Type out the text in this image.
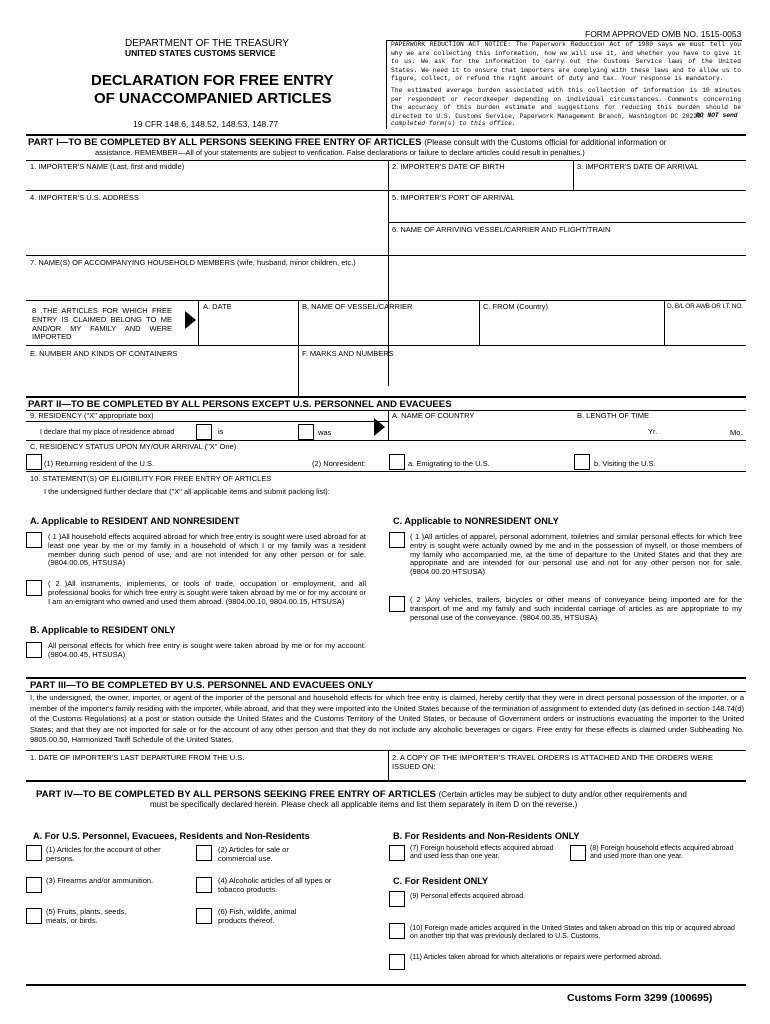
FORM APPROVED OMB NO. 1515-0053
DEPARTMENT OF THE TREASURY
UNITED STATES CUSTOMS SERVICE
DECLARATION FOR FREE ENTRY
OF UNACCOMPANIED ARTICLES
19 CFR 148.6, 148.52, 148.53, 148.77
PAPERWORK REDUCTION ACT NOTICE: The Paperwork Reduction Act of 1980 says we must tell you why we are collecting this information, how we will use it, and whether you have to give it to us. We ask for the information to carry out the Customs Service laws of the United States. We need it to ensure that importers are complying with these laws and to allow us to figure, collect, or refund the right amount of duty and tax. Your response is mandatory.
The estimated average burden associated with this collection of information is 10 minutes per respondent or recordkeeper depending on individual circumstances. Comments concerning the accuracy of this burden estimate and suggestions for reducing this burden should be directed to U.S. Customs Service, Paperwork Management Branch, Washington DC 20229.
DO NOT send
completed form(s) to this office.
PART I—TO BE COMPLETED BY ALL PERSONS SEEKING FREE ENTRY OF ARTICLES (Please consult with the Customs official for additional information or
assistance. REMEMBER—All of your statements are subject to verification. False declarations or failure to declare articles could result in penalties.)
1. IMPORTER'S NAME (Last, first and middle)	2. IMPORTER'S DATE OF BIRTH	3. IMPORTER'S DATE OF ARRIVAL
4. IMPORTER'S U.S. ADDRESS	5. IMPORTER'S PORT OF ARRIVAL
6. NAME OF ARRIVING VESSEL/CARRIER AND FLIGHT/TRAIN
7. NAME(S) OF ACCOMPANYING HOUSEHOLD MEMBERS (wife, husband, minor children, etc.)
8 .THE ARTICLES FOR WHICH FREE ENTRY IS CLAIMED BELONG TO ME AND/OR MY FAMILY AND WERE IMPORTED
A. DATE	B. NAME OF VESSEL/CARRIER	C. FROM (Country)	D. B/L OR AWB OR I.T. NO.
E. NUMBER AND KINDS OF CONTAINERS	F. MARKS AND NUMBERS
PART II—TO BE COMPLETED BY ALL PERSONS EXCEPT U.S. PERSONNEL AND EVACUEES
9. RESIDENCY ("X" appropriate box)	A. NAME OF COUNTRY	B. LENGTH OF TIME
I declare that my place of residence abroad	is	was	Yr.	Mo.
C. RESIDENCY STATUS UPON MY/OUR ARRIVAL ("X" One)
(1) Returning resident of the U.S.	(2) Nonresident:	a. Emigrating to the U.S.	b. Visiting the U.S.
10. STATEMENT(S) OF ELIGIBILITY FOR FREE ENTRY OF ARTICLES
I the undersigned further declare that ("X" all applicable items and submit packing list):
A. Applicable to RESIDENT AND NONRESIDENT
( 1 )All household effects acquired abroad for which free entry is sought were used abroad for at least one year by me or my family in a household of which I or my family was a resident member during such period of use, and are not intended for any other person or for sale. (9804.00.05, HTSUSA)
( 2 )All instruments, implements, or tools of trade, occupation or employment, and all professional books for which free entry is sought were taken abroad by me or for my account or I am an emigrant who owned and used them abroad. (9804.00.10, 9804.00.15, HTSUSA)
B. Applicable to RESIDENT ONLY
All personal effects for which free entry is sought were taken abroad by me or for my account. (9804.00.45, HTSUSA)
C. Applicable to NONRESIDENT ONLY
( 1 )All articles of apparel, personal adornment, toiletries and similar personal effects for which free entry is sought were actually owned by me and in the possession of myself, or those members of my family who accompanied me, at the time of departure to the United States and that they are appropriate and are intended for our personal use and not for any other person nor for sale. (9804.00.20 HTSUSA)
( 2 )Any vehicles, trailers, bicycles or other means of conveyance being imported are for the transport of me and my family and such incidental carriage of articles as are appropriate to my personal use of the conveyance. (9804.00.35, HTSUSA)
PART III—TO BE COMPLETED BY U.S. PERSONNEL AND EVACUEES ONLY
I, the undersigned, the owner, importer, or agent of the importer of the personal and household effects for which free entry is claimed, hereby certify that they were in direct personal possession of the importer, or a member of the importer's family residing with the importer, while abroad, and that they were imported into the United States because of the termination of assignment to extended duty (as defined in section 148.74(d) of the Customs Regulations) at a post or station outside the United States and the Customs Territory of the United States, or because of Government orders or instructions evacuating the importer to the United States; and that they are not imported for sale or for the account of any other person and that they do not include any alcoholic beverages or cigars. Free entry for these effects is claimed under Subheading No. 9805.00.50, Harmonized Tariff Schedule of the United States.
1. DATE OF IMPORTER'S LAST DEPARTURE FROM THE U.S.	2. A COPY OF THE IMPORTER'S TRAVEL ORDERS IS ATTACHED AND THE ORDERS WERE ISSUED ON:
PART IV—TO BE COMPLETED BY ALL PERSONS SEEKING FREE ENTRY OF ARTICLES (Certain articles may be subject to duty and/or other requirements and
must be specifically declared herein. Please check all applicable items and list them separately in item D on the reverse.)
A. For U.S. Personnel, Evacuees, Residents and Non-Residents
(1) Articles for the account of other persons.
(2) Articles for sale or commercial use.
(3) Firearms and/or ammunition.	(4) Alcoholic articles of all types or tobacco products.
(5) Fruits, plants, seeds, meats, or birds.
(6) Fish, wildlife, animal products thereof.
B. For Residents and Non-Residents ONLY
(7) Foreign household effects acquired abroad and used less than one year.
(8) Foreign household effects acquired abroad and used more than one year.
C. For Resident ONLY
(9) Personal effects acquired abroad.
(10) Foreign made articles acquired in the United States and taken abroad on this trip or acquired abroad on another trip that was previously declared to U.S. Customs.
(11) Articles taken abroad for which alterations or repairs were performed abroad.
Customs Form 3299 (100695)
